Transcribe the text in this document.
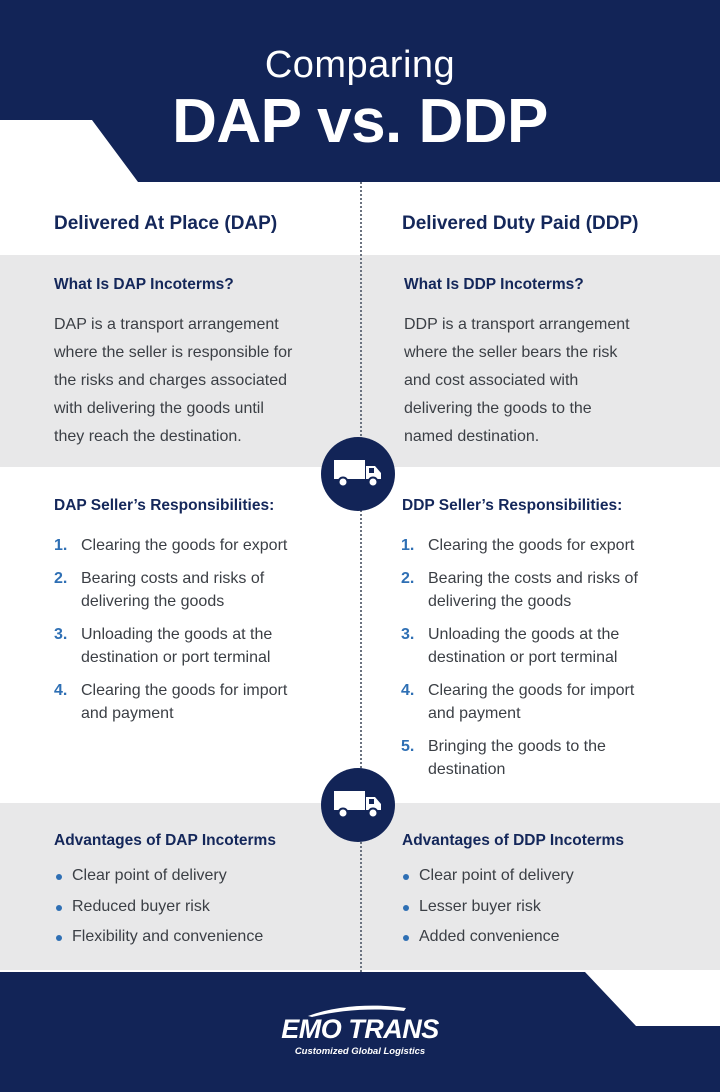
Comparing
DAP vs. DDP
Delivered At Place (DAP)	Delivered Duty Paid (DDP)
What Is DAP Incoterms?

DAP is a transport arrangement

where the seller is responsible for

the risks and charges associated

with delivering the goods until

they reach the destination.

What Is DDP Incoterms?

DDP is a transport arrangement

where the seller bears the risk

and cost associated with

delivering the goods to the

named destination.

DAP Seller’s Responsibilities:
1. Clearing the goods for export
2. Bearing costs and risks of
delivering the goods
3. Unloading the goods at the
destination or port terminal
4. Clearing the goods for import
and payment
DDP Seller’s Responsibilities:
1. Clearing the goods for export
2. Bearing the costs and risks of
delivering the goods
3. Unloading the goods at the
destination or port terminal
4. Clearing the goods for import
and payment
5. Bringing the goods to the
destination
Advantages of DAP Incoterms
Clear point of delivery
Reduced buyer risk
Flexibility and convenience
Advantages of DDP Incoterms
Clear point of delivery
Lesser buyer risk
Added convenience

EMO TRANS

Customized Global Logistics
